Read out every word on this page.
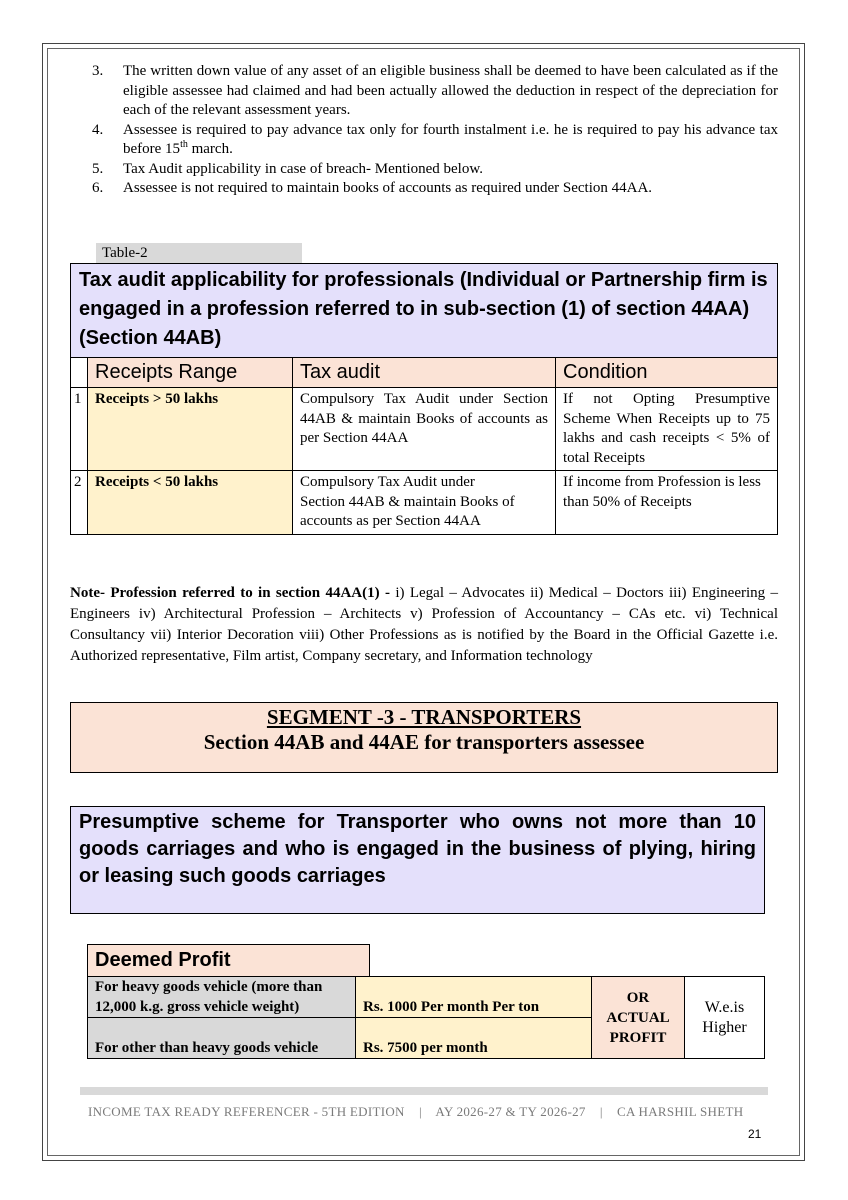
3. The written down value of any asset of an eligible business shall be deemed to have been calculated as if the eligible assessee had claimed and had been actually allowed the deduction in respect of the depreciation for each of the relevant assessment years.
4. Assessee is required to pay advance tax only for fourth instalment i.e. he is required to pay his advance tax before 15th march.
5. Tax Audit applicability in case of breach- Mentioned below.
6. Assessee is not required to maintain books of accounts as required under Section 44AA.
Table-2
Tax audit applicability for professionals (Individual or Partnership firm is engaged in a profession referred to in sub-section (1) of section 44AA) (Section 44AB)			
	Receipts Range	Tax audit	Condition
1	Receipts > 50 lakhs	Compulsory Tax Audit under Section 44AB & maintain Books of accounts as per Section 44AA	If not Opting Presumptive Scheme When Receipts up to 75 lakhs and cash receipts < 5% of total Receipts
2	Receipts < 50 lakhs	Compulsory Tax Audit under Section 44AB & maintain Books of accounts as per Section 44AA	If income from Profession is less than 50% of Receipts
Note- Profession referred to in section 44AA(1) - i) Legal – Advocates ii) Medical – Doctors iii) Engineering – Engineers iv) Architectural Profession – Architects v) Profession of Accountancy – CAs etc. vi) Technical Consultancy vii) Interior Decoration viii) Other Professions as is notified by the Board in the Official Gazette i.e. Authorized representative, Film artist, Company secretary, and Information technology
SEGMENT -3 - TRANSPORTERS
Section 44AB and 44AE for transporters assessee
Presumptive scheme for Transporter who owns not more than 10 goods carriages and who is engaged in the business of plying, hiring or leasing such goods carriages
Deemed Profit
For heavy goods vehicle (more than 12,000 k.g. gross vehicle weight)	Rs. 1000 Per month Per ton	OR ACTUAL PROFIT	W.e.is Higher
For other than heavy goods vehicle	Rs. 7500 per month		
INCOME TAX READY REFERENCER - 5TH EDITION    |    AY 2026-27 & TY 2026-27    |    CA HARSHIL SHETH
21
